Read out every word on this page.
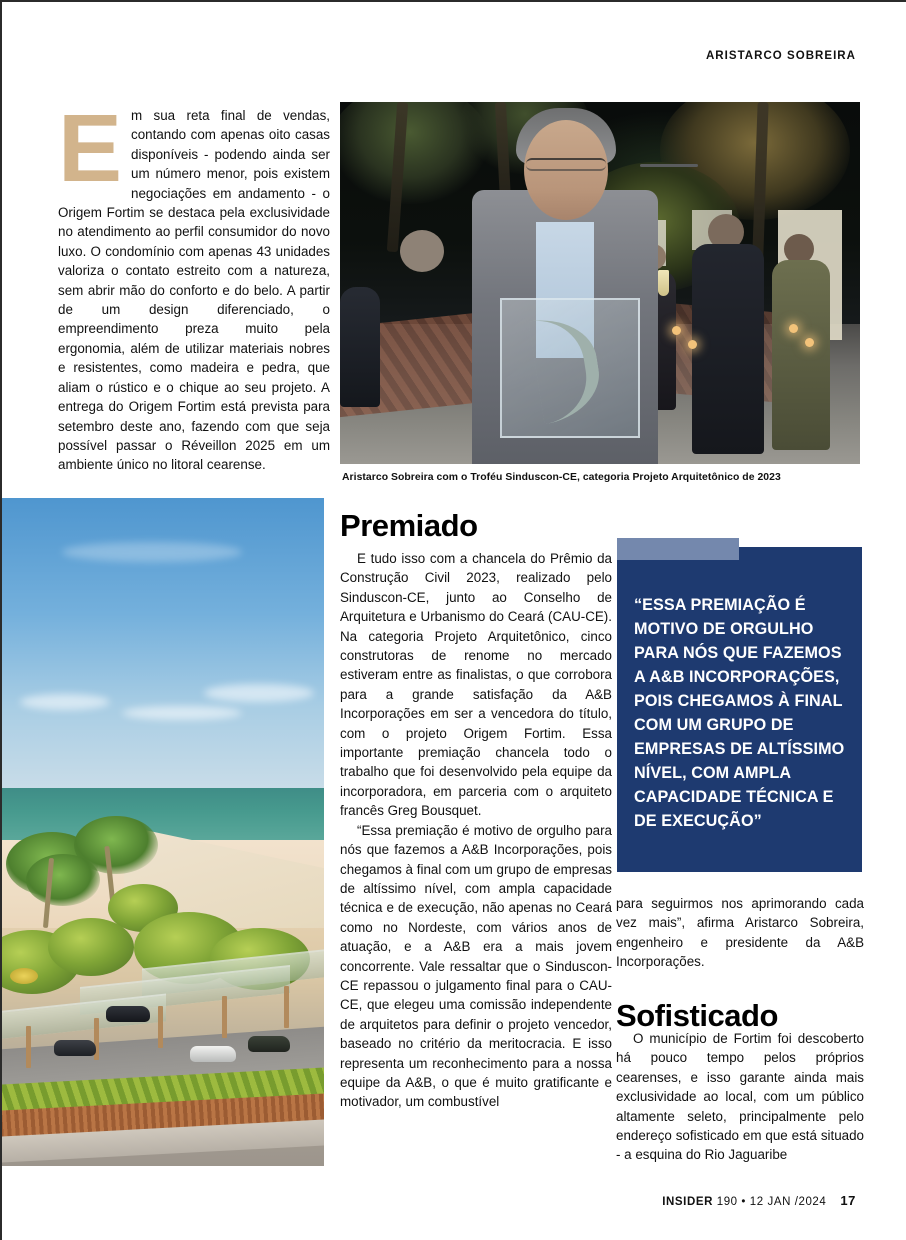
ARISTARCO SOBREIRA
Aristarco Sobreira com o Troféu Sinduscon-CE, categoria Projeto Arquitetônico de 2023
E m sua reta final de vendas, contando com apenas oito casas disponíveis - podendo ainda ser um número menor, pois existem negociações em andamento - o Origem Fortim se destaca pela exclusividade no atendimento ao perfil consumidor do novo luxo. O condomínio com apenas 43 unidades valoriza o contato estreito com a natureza, sem abrir mão do conforto e do belo. A partir de um design diferenciado, o empreendimento preza muito pela ergonomia, além de utilizar materiais nobres e resistentes, como madeira e pedra, que aliam o rústico e o chique ao seu projeto. A entrega do Origem Fortim está prevista para setembro deste ano, fazendo com que seja possível passar o Réveillon 2025 em um ambiente único no litoral cearense.

Premiado

E tudo isso com a chancela do Prêmio da Construção Civil 2023, realizado pelo Sinduscon-CE, junto ao Conselho de Arquitetura e Urbanismo do Ceará (CAU-CE). Na categoria Projeto Arquitetônico, cinco construtoras de renome no mercado estiveram entre as finalistas, o que corrobora para a grande satisfação da A&B Incorporações em ser a vencedora do título, com o projeto Origem Fortim. Essa importante premiação chancela todo o trabalho que foi desenvolvido pela equipe da incorporadora, em parceria com o arquiteto francês Greg Bousquet.

“Essa premiação é motivo de orgulho para nós que fazemos a A&B Incorporações, pois chegamos à final com um grupo de empresas de altíssimo nível, com ampla capacidade técnica e de execução, não apenas no Ceará como no Nordeste, com vários anos de atuação, e a A&B era a mais jovem concorrente. Vale ressaltar que o Sinduscon-CE repassou o julgamento final para o CAU-CE, que elegeu uma comissão independente de arquitetos para definir o projeto vencedor, baseado no critério da meritocracia. E isso representa um reconhecimento para a nossa equipe da A&B, o que é muito gratificante e motivador, um combustível

“ESSA PREMIAÇÃO É MOTIVO DE ORGULHO PARA NÓS QUE FAZEMOS A A&B INCORPORAÇÕES, POIS CHEGAMOS À FINAL COM UM GRUPO DE EMPRESAS DE ALTÍSSIMO NÍVEL, COM AMPLA CAPACIDADE TÉCNICA E DE EXECUÇÃO”

para seguirmos nos aprimorando cada vez mais”, afirma Aristarco Sobreira, engenheiro e presidente da A&B Incorporações.

Sofisticado

O município de Fortim foi descoberto há pouco tempo pelos próprios cearenses, e isso garante ainda mais exclusividade ao local, com um público altamente seleto, principalmente pelo endereço sofisticado em que está situado - a esquina do Rio Jaguaribe

INSIDER 190 • 12 JAN /2024 17
